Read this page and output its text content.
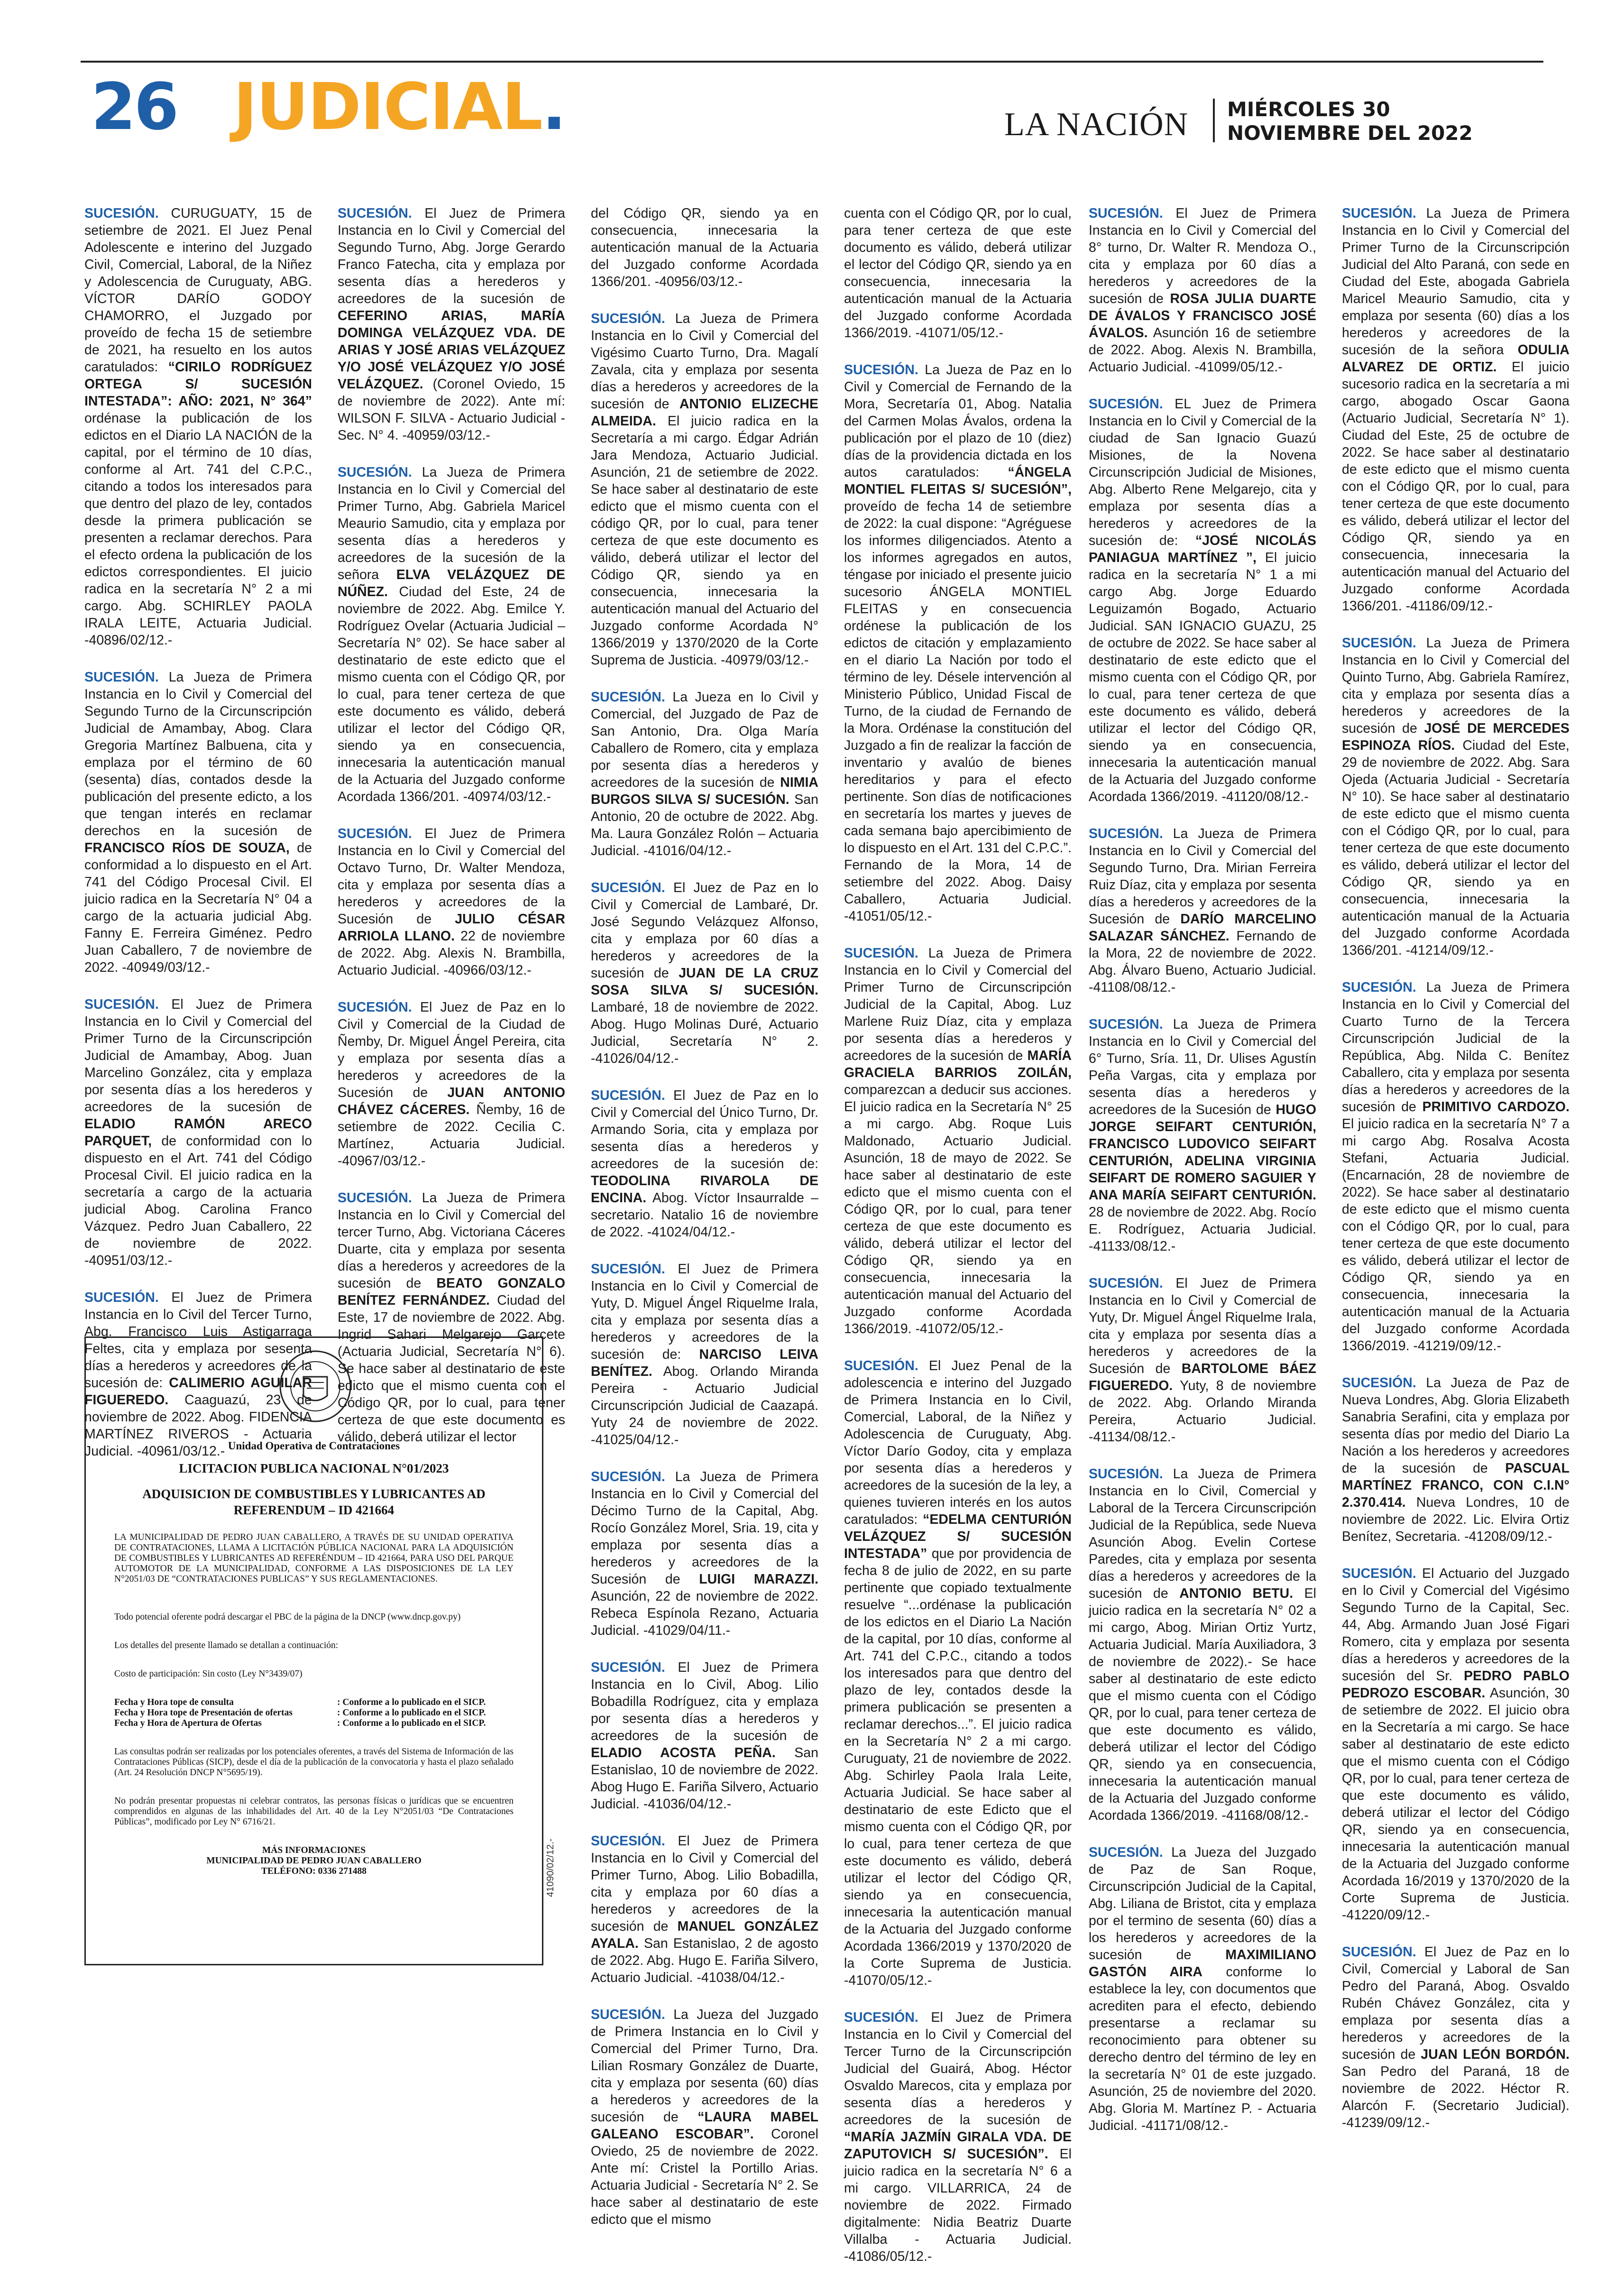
26 JUDICIAL.	LA NACIÓN MIÉRCOLES 30
NOVIEMBRE DEL 2022

SUCESIÓN. CURUGUATY, 15 de setiembre de 2021. El Juez Penal Adolescente e interino del Juzgado Civil, Comercial, Laboral, de la Niñez y Adolescencia de Curuguaty, ABG. VÍCTOR DARÍO GODOY CHAMORRO, el Juzgado por proveído de fecha 15 de setiembre de 2021, ha resuelto en los autos caratulados: “CIRILO RODRÍGUEZ ORTEGA S/ SUCESIÓN INTESTADA”: AÑO: 2021, N° 364” ordénase la publicación de los edictos en el Diario LA NACIÓN de la capital, por el término de 10 días, conforme al Art. 741 del C.P.C., citando a todos los interesados para que dentro del plazo de ley, contados desde la primera publicación se presenten a reclamar derechos. Para el efecto ordena la publicación de los edictos correspondientes. El juicio radica en la secretaría N° 2 a mi cargo. Abg. SCHIRLEY PAOLA IRALA LEITE, Actuaria Judicial. -40896/02/12.-

SUCESIÓN. La Jueza de Primera Instancia en lo Civil y Comercial del Segundo Turno de la Circunscripción Judicial de Amambay, Abog. Clara Gregoria Martínez Balbuena, cita y emplaza por el término de 60 (sesenta) días, contados desde la publicación del presente edicto, a los que tengan interés en reclamar derechos en la sucesión de FRANCISCO RÍOS DE SOUZA, de conformidad a lo dispuesto en el Art. 741 del Código Procesal Civil. El juicio radica en la Secretaría N° 04 a cargo de la actuaria judicial Abg. Fanny E. Ferreira Giménez. Pedro Juan Caballero, 7 de noviembre de 2022. -40949/03/12.-

SUCESIÓN. El Juez de Primera Instancia en lo Civil y Comercial del Primer Turno de la Circunscripción Judicial de Amambay, Abog. Juan Marcelino González, cita y emplaza por sesenta días a los herederos y acreedores de la sucesión de ELADIO RAMÓN ARECO PARQUET, de conformidad con lo dispuesto en el Art. 741 del Código Procesal Civil. El juicio radica en la secretaría a cargo de la actuaria judicial Abog. Carolina Franco Vázquez. Pedro Juan Caballero, 22 de noviembre de 2022. -40951/03/12.-

SUCESIÓN. El Juez de Primera Instancia en lo Civil del Tercer Turno, Abg. Francisco Luis Astigarraga Feltes, cita y emplaza por sesenta días a herederos y acreedores de la sucesión de: CALIMERIO AGUILAR FIGUEREDO. Caaguazú, 23 de noviembre de 2022. Abog. FIDENCIA MARTÍNEZ RIVEROS - Actuaria Judicial. -40961/03/12.-

SUCESIÓN. El Juez de Primera Instancia en lo Civil y Comercial del Segundo Turno, Abg. Jorge Gerardo Franco Fatecha, cita y emplaza por sesenta días a herederos y acreedores de la sucesión de CEFERINO ARIAS, MARÍA DOMINGA VELÁZQUEZ VDA. DE ARIAS Y JOSÉ ARIAS VELÁZQUEZ Y/O JOSÉ VELÁZQUEZ Y/O JOSÉ VELÁZQUEZ. (Coronel Oviedo, 15 de noviembre de 2022). Ante mí: WILSON F. SILVA - Actuario Judicial - Sec. N° 4. -40959/03/12.-

SUCESIÓN. La Jueza de Primera Instancia en lo Civil y Comercial del Primer Turno, Abg. Gabriela Maricel Meaurio Samudio, cita y emplaza por sesenta días a herederos y acreedores de la sucesión de la señora ELVA VELÁZQUEZ DE NÚÑEZ. Ciudad del Este, 24 de noviembre de 2022. Abg. Emilce Y. Rodríguez Ovelar (Actuaria Judicial – Secretaría N° 02). Se hace saber al destinatario de este edicto que el mismo cuenta con el Código QR, por lo cual, para tener certeza de que este documento es válido, deberá utilizar el lector del Código QR, siendo ya en consecuencia, innecesaria la autenticación manual de la Actuaria del Juzgado conforme Acordada 1366/201. -40974/03/12.-

SUCESIÓN. El Juez de Primera Instancia en lo Civil y Comercial del Octavo Turno, Dr. Walter Mendoza, cita y emplaza por sesenta días a herederos y acreedores de la Sucesión de JULIO CÉSAR ARRIOLA LLANO. 22 de noviembre de 2022. Abg. Alexis N. Brambilla, Actuario Judicial. -40966/03/12.-

SUCESIÓN. El Juez de Paz en lo Civil y Comercial de la Ciudad de Ñemby, Dr. Miguel Ángel Pereira, cita y emplaza por sesenta días a herederos y acreedores de la Sucesión de JUAN ANTONIO CHÁVEZ CÁCERES. Ñemby, 16 de setiembre de 2022. Cecilia C. Martínez, Actuaria Judicial. -40967/03/12.-

SUCESIÓN. La Jueza de Primera Instancia en lo Civil y Comercial del tercer Turno, Abg. Victoriana Cáceres Duarte, cita y emplaza por sesenta días a herederos y acreedores de la sucesión de BEATO GONZALO BENÍTEZ FERNÁNDEZ. Ciudad del Este, 17 de noviembre de 2022. Abg. Ingrid Sahari Melgarejo Garcete (Actuaria Judicial, Secretaría N° 6). Se hace saber al destinatario de este edicto que el mismo cuenta con el Código QR, por lo cual, para tener certeza de que este documento es válido, deberá utilizar el lector

del Código QR, siendo ya en consecuencia, innecesaria la autenticación manual de la Actuaria del Juzgado conforme Acordada 1366/201. -40956/03/12.-

SUCESIÓN. La Jueza de Primera Instancia en lo Civil y Comercial del Vigésimo Cuarto Turno, Dra. Magalí Zavala, cita y emplaza por sesenta días a herederos y acreedores de la sucesión de ANTONIO ELIZECHE ALMEIDA. El juicio radica en la Secretaría a mi cargo. Édgar Adrián Jara Mendoza, Actuario Judicial. Asunción, 21 de setiembre de 2022. Se hace saber al destinatario de este edicto que el mismo cuenta con el código QR, por lo cual, para tener certeza de que este documento es válido, deberá utilizar el lector del Código QR, siendo ya en consecuencia, innecesaria la autenticación manual del Actuario del Juzgado conforme Acordada N° 1366/2019 y 1370/2020 de la Corte Suprema de Justicia. -40979/03/12.-

SUCESIÓN. La Jueza en lo Civil y Comercial, del Juzgado de Paz de San Antonio, Dra. Olga María Caballero de Romero, cita y emplaza por sesenta días a herederos y acreedores de la sucesión de NIMIA BURGOS SILVA S/ SUCESIÓN. San Antonio, 20 de octubre de 2022. Abg. Ma. Laura González Rolón – Actuaria Judicial. -41016/04/12.-

SUCESIÓN. El Juez de Paz en lo Civil y Comercial de Lambaré, Dr. José Segundo Velázquez Alfonso, cita y emplaza por 60 días a herederos y acreedores de la sucesión de JUAN DE LA CRUZ SOSA SILVA S/ SUCESIÓN. Lambaré, 18 de noviembre de 2022. Abog. Hugo Molinas Duré, Actuario Judicial, Secretaría N° 2. -41026/04/12.-

SUCESIÓN. El Juez de Paz en lo Civil y Comercial del Único Turno, Dr. Armando Soria, cita y emplaza por sesenta días a herederos y acreedores de la sucesión de: TEODOLINA RIVAROLA DE ENCINA. Abog. Víctor Insaurralde – secretario. Natalio 16 de noviembre de 2022. -41024/04/12.-

SUCESIÓN. El Juez de Primera Instancia en lo Civil y Comercial de Yuty, D. Miguel Ángel Riquelme Irala, cita y emplaza por sesenta días a herederos y acreedores de la sucesión de: NARCISO LEIVA BENÍTEZ. Abog. Orlando Miranda Pereira - Actuario Judicial Circunscripción Judicial de Caazapá. Yuty 24 de noviembre de 2022. -41025/04/12.-

SUCESIÓN. La Jueza de Primera Instancia en lo Civil y Comercial del Décimo Turno de la Capital, Abg. Rocío González Morel, Sria. 19, cita y emplaza por sesenta días a herederos y acreedores de la Sucesión de LUIGI MARAZZI. Asunción, 22 de noviembre de 2022. Rebeca Espínola Rezano, Actuaria Judicial. -41029/04/11.-

SUCESIÓN. El Juez de Primera Instancia en lo Civil, Abog. Lilio Bobadilla Rodríguez, cita y emplaza por sesenta días a herederos y acreedores de la sucesión de ELADIO ACOSTA PEÑA. San Estanislao, 10 de noviembre de 2022. Abog Hugo E. Fariña Silvero, Actuario Judicial. -41036/04/12.-

SUCESIÓN. El Juez de Primera Instancia en lo Civil y Comercial del Primer Turno, Abog. Lilio Bobadilla, cita y emplaza por 60 días a herederos y acreedores de la sucesión de MANUEL GONZÁLEZ AYALA. San Estanislao, 2 de agosto de 2022. Abg. Hugo E. Fariña Silvero, Actuario Judicial. -41038/04/12.-

SUCESIÓN. La Jueza del Juzgado de Primera Instancia en lo Civil y Comercial del Primer Turno, Dra. Lilian Rosmary González de Duarte, cita y emplaza por sesenta (60) días a herederos y acreedores de la sucesión de “LAURA MABEL GALEANO ESCOBAR”. Coronel Oviedo, 25 de noviembre de 2022. Ante mí: Cristel la Portillo Arias. Actuaria Judicial - Secretaría N° 2. Se hace saber al destinatario de este edicto que el mismo

cuenta con el Código QR, por lo cual, para tener certeza de que este documento es válido, deberá utilizar el lector del Código QR, siendo ya en consecuencia, innecesaria la autenticación manual de la Actuaria del Juzgado conforme Acordada 1366/2019. -41071/05/12.-

SUCESIÓN. La Jueza de Paz en lo Civil y Comercial de Fernando de la Mora, Secretaría 01, Abog. Natalia del Carmen Molas Ávalos, ordena la publicación por el plazo de 10 (diez) días de la providencia dictada en los autos caratulados: “ÁNGELA MONTIEL FLEITAS S/ SUCESIÓN”, proveído de fecha 14 de setiembre de 2022: la cual dispone: “Agréguese los informes diligenciados. Atento a los informes agregados en autos, téngase por iniciado el presente juicio sucesorio ÁNGELA MONTIEL FLEITAS y en consecuencia ordénese la publicación de los edictos de citación y emplazamiento en el diario La Nación por todo el término de ley. Désele intervención al Ministerio Público, Unidad Fiscal de Turno, de la ciudad de Fernando de la Mora. Ordénase la constitución del Juzgado a fin de realizar la facción de inventario y avalúo de bienes hereditarios y para el efecto pertinente. Son días de notificaciones en secretaría los martes y jueves de cada semana bajo apercibimiento de lo dispuesto en el Art. 131 del C.P.C.”. Fernando de la Mora, 14 de setiembre del 2022. Abog. Daisy Caballero, Actuaria Judicial. -41051/05/12.-

SUCESIÓN. La Jueza de Primera Instancia en lo Civil y Comercial del Primer Turno de Circunscripción Judicial de la Capital, Abog. Luz Marlene Ruiz Díaz, cita y emplaza por sesenta días a herederos y acreedores de la sucesión de MARÍA GRACIELA BARRIOS ZOILÁN, comparezcan a deducir sus acciones. El juicio radica en la Secretaría N° 25 a mi cargo. Abg. Roque Luis Maldonado, Actuario Judicial. Asunción, 18 de mayo de 2022. Se hace saber al destinatario de este edicto que el mismo cuenta con el Código QR, por lo cual, para tener certeza de que este documento es válido, deberá utilizar el lector del Código QR, siendo ya en consecuencia, innecesaria la autenticación manual del Actuario del Juzgado conforme Acordada 1366/2019. -41072/05/12.-

SUCESIÓN. El Juez Penal de la adolescencia e interino del Juzgado de Primera Instancia en lo Civil, Comercial, Laboral, de la Niñez y Adolescencia de Curuguaty, Abg. Víctor Darío Godoy, cita y emplaza por sesenta días a herederos y acreedores de la sucesión de la ley, a quienes tuvieren interés en los autos caratulados: “EDELMA CENTURIÓN VELÁZQUEZ S/ SUCESIÓN INTESTADA” que por providencia de fecha 8 de julio de 2022, en su parte pertinente que copiado textualmente resuelve “...ordénase la publicación de los edictos en el Diario La Nación de la capital, por 10 días, conforme al Art. 741 del C.P.C., citando a todos los interesados para que dentro del plazo de ley, contados desde la primera publicación se presenten a reclamar derechos...”. El juicio radica en la Secretaría N° 2 a mi cargo. Curuguaty, 21 de noviembre de 2022. Abg. Schirley Paola Irala Leite, Actuaria Judicial. Se hace saber al destinatario de este Edicto que el mismo cuenta con el Código QR, por lo cual, para tener certeza de que este documento es válido, deberá utilizar el lector del Código QR, siendo ya en consecuencia, innecesaria la autenticación manual de la Actuaria del Juzgado conforme Acordada 1366/2019 y 1370/2020 de la Corte Suprema de Justicia. -41070/05/12.-

SUCESIÓN. El Juez de Primera Instancia en lo Civil y Comercial del Tercer Turno de la Circunscripción Judicial del Guairá, Abog. Héctor Osvaldo Marecos, cita y emplaza por sesenta días a herederos y acreedores de la sucesión de “MARÍA JAZMÍN GIRALA VDA. DE ZAPUTOVICH S/ SUCESIÓN”. El juicio radica en la secretaría N° 6 a mi cargo. VILLARRICA, 24 de noviembre de 2022. Firmado digitalmente: Nidia Beatriz Duarte Villalba - Actuaria Judicial. -41086/05/12.-

SUCESIÓN. El Juez de Primera Instancia en lo Civil y Comercial del 8° turno, Dr. Walter R. Mendoza O., cita y emplaza por 60 días a herederos y acreedores de la sucesión de ROSA JULIA DUARTE DE ÁVALOS Y FRANCISCO JOSÉ ÁVALOS. Asunción 16 de setiembre de 2022. Abog. Alexis N. Brambilla, Actuario Judicial. -41099/05/12.-

SUCESIÓN. EL Juez de Primera Instancia en lo Civil y Comercial de la ciudad de San Ignacio Guazú Misiones, de la Novena Circunscripción Judicial de Misiones, Abg. Alberto Rene Melgarejo, cita y emplaza por sesenta días a herederos y acreedores de la sucesión de: “JOSÉ NICOLÁS PANIAGUA MARTÍNEZ ”, El juicio radica en la secretaría N° 1 a mi cargo Abg. Jorge Eduardo Leguizamón Bogado, Actuario Judicial. SAN IGNACIO GUAZU, 25 de octubre de 2022. Se hace saber al destinatario de este edicto que el mismo cuenta con el Código QR, por lo cual, para tener certeza de que este documento es válido, deberá utilizar el lector del Código QR, siendo ya en consecuencia, innecesaria la autenticación manual de la Actuaria del Juzgado conforme Acordada 1366/2019. -41120/08/12.-

SUCESIÓN. La Jueza de Primera Instancia en lo Civil y Comercial del Segundo Turno, Dra. Mirian Ferreira Ruiz Díaz, cita y emplaza por sesenta días a herederos y acreedores de la Sucesión de DARÍO MARCELINO SALAZAR SÁNCHEZ. Fernando de la Mora, 22 de noviembre de 2022. Abg. Álvaro Bueno, Actuario Judicial. -41108/08/12.-

SUCESIÓN. La Jueza de Primera Instancia en lo Civil y Comercial del 6° Turno, Sría. 11, Dr. Ulises Agustín Peña Vargas, cita y emplaza por sesenta días a herederos y acreedores de la Sucesión de HUGO JORGE SEIFART CENTURIÓN, FRANCISCO LUDOVICO SEIFART CENTURIÓN, ADELINA VIRGINIA SEIFART DE ROMERO SAGUIER Y ANA MARÍA SEIFART CENTURIÓN. 28 de noviembre de 2022. Abg. Rocío E. Rodríguez, Actuaria Judicial. -41133/08/12.-

SUCESIÓN. El Juez de Primera Instancia en lo Civil y Comercial de Yuty, Dr. Miguel Ángel Riquelme Irala, cita y emplaza por sesenta días a herederos y acreedores de la Sucesión de BARTOLOME BÁEZ FIGUEREDO. Yuty, 8 de noviembre de 2022. Abg. Orlando Miranda Pereira, Actuario Judicial. -41134/08/12.-

SUCESIÓN. La Jueza de Primera Instancia en lo Civil, Comercial y Laboral de la Tercera Circunscripción Judicial de la República, sede Nueva Asunción Abog. Evelin Cortese Paredes, cita y emplaza por sesenta días a herederos y acreedores de la sucesión de ANTONIO BETU. El juicio radica en la secretaría N° 02 a mi cargo, Abog. Mirian Ortiz Yurtz, Actuaria Judicial. María Auxiliadora, 3 de noviembre de 2022).- Se hace saber al destinatario de este edicto que el mismo cuenta con el Código QR, por lo cual, para tener certeza de que este documento es válido, deberá utilizar el lector del Código QR, siendo ya en consecuencia, innecesaria la autenticación manual de la Actuaria del Juzgado conforme Acordada 1366/2019. -41168/08/12.-

SUCESIÓN. La Jueza del Juzgado de Paz de San Roque, Circunscripción Judicial de la Capital, Abg. Liliana de Bristot, cita y emplaza por el termino de sesenta (60) días a los herederos y acreedores de la sucesión de MAXIMILIANO GASTÓN AIRA conforme lo establece la ley, con documentos que acrediten para el efecto, debiendo presentarse a reclamar su reconocimiento para obtener su derecho dentro del término de ley en la secretaría N° 01 de este juzgado. Asunción, 25 de noviembre del 2020. Abg. Gloria M. Martínez P. - Actuaria Judicial. -41171/08/12.-

SUCESIÓN. La Jueza de Primera Instancia en lo Civil y Comercial del Primer Turno de la Circunscripción Judicial del Alto Paraná, con sede en Ciudad del Este, abogada Gabriela Maricel Meaurio Samudio, cita y emplaza por sesenta (60) días a los herederos y acreedores de la sucesión de la señora ODULIA ALVAREZ DE ORTIZ. El juicio sucesorio radica en la secretaría a mi cargo, abogado Oscar Gaona (Actuario Judicial, Secretaría N° 1). Ciudad del Este, 25 de octubre de 2022. Se hace saber al destinatario de este edicto que el mismo cuenta con el Código QR, por lo cual, para tener certeza de que este documento es válido, deberá utilizar el lector del Código QR, siendo ya en consecuencia, innecesaria la autenticación manual del Actuario del Juzgado conforme Acordada 1366/201. -41186/09/12.-

SUCESIÓN. La Jueza de Primera Instancia en lo Civil y Comercial del Quinto Turno, Abg. Gabriela Ramírez, cita y emplaza por sesenta días a herederos y acreedores de la sucesión de JOSÉ DE MERCEDES ESPINOZA RÍOS. Ciudad del Este, 29 de noviembre de 2022. Abg. Sara Ojeda (Actuaria Judicial - Secretaría N° 10). Se hace saber al destinatario de este edicto que el mismo cuenta con el Código QR, por lo cual, para tener certeza de que este documento es válido, deberá utilizar el lector del Código QR, siendo ya en consecuencia, innecesaria la autenticación manual de la Actuaria del Juzgado conforme Acordada 1366/201. -41214/09/12.-

SUCESIÓN. La Jueza de Primera Instancia en lo Civil y Comercial del Cuarto Turno de la Tercera Circunscripción Judicial de la República, Abg. Nilda C. Benítez Caballero, cita y emplaza por sesenta días a herederos y acreedores de la sucesión de PRIMITIVO CARDOZO. El juicio radica en la secretaría N° 7 a mi cargo Abg. Rosalva Acosta Stefani, Actuaria Judicial. (Encarnación, 28 de noviembre de 2022). Se hace saber al destinatario de este edicto que el mismo cuenta con el Código QR, por lo cual, para tener certeza de que este documento es válido, deberá utilizar el lector de Código QR, siendo ya en consecuencia, innecesaria la autenticación manual de la Actuaria del Juzgado conforme Acordada 1366/2019. -41219/09/12.-

SUCESIÓN. La Jueza de Paz de Nueva Londres, Abg. Gloria Elizabeth Sanabria Serafini, cita y emplaza por sesenta días por medio del Diario La Nación a los herederos y acreedores de la sucesión de PASCUAL MARTÍNEZ FRANCO, CON C.I.N° 2.370.414. Nueva Londres, 10 de noviembre de 2022. Lic. Elvira Ortiz Benítez, Secretaria. -41208/09/12.-

SUCESIÓN. El Actuario del Juzgado en lo Civil y Comercial del Vigésimo Segundo Turno de la Capital, Sec. 44, Abg. Armando Juan José Figari Romero, cita y emplaza por sesenta días a herederos y acreedores de la sucesión del Sr. PEDRO PABLO PEDROZO ESCOBAR. Asunción, 30 de setiembre de 2022. El juicio obra en la Secretaría a mi cargo. Se hace saber al destinatario de este edicto que el mismo cuenta con el Código QR, por lo cual, para tener certeza de que este documento es válido, deberá utilizar el lector del Código QR, siendo ya en consecuencia, innecesaria la autenticación manual de la Actuaria del Juzgado conforme Acordada 16/2019 y 1370/2020 de la Corte Suprema de Justicia. -41220/09/12.-

SUCESIÓN. El Juez de Paz en lo Civil, Comercial y Laboral de San Pedro del Paraná, Abog. Osvaldo Rubén Chávez González, cita y emplaza por sesenta días a herederos y acreedores de la sucesión de JUAN LEÓN BORDÓN. San Pedro del Paraná, 18 de noviembre de 2022. Héctor R. Alarcón F. (Secretario Judicial). -41239/09/12.-

Unidad Operativa de Contrataciones
LICITACION PUBLICA NACIONAL N°01/2023
ADQUISICION DE COMBUSTIBLES Y LUBRICANTES AD REFERENDUM – ID 421664
LA MUNICIPALIDAD DE PEDRO JUAN CABALLERO, A TRAVÉS DE SU UNIDAD OPERATIVA DE CONTRATACIONES, LLAMA A LICITACIÓN PÚBLICA NACIONAL PARA LA ADQUISICIÓN DE COMBUSTIBLES Y LUBRICANTES AD REFERÉNDUM – ID 421664, PARA USO DEL PARQUE AUTOMOTOR DE LA MUNICIPALIDAD, CONFORME A LAS DISPOSICIONES DE LA LEY N°2051/03 DE “CONTRATACIONES PUBLICAS” Y SUS REGLAMENTACIONES.
Todo potencial oferente podrá descargar el PBC de la página de la DNCP (www.dncp.gov.py)
Los detalles del presente llamado se detallan a continuación:
Costo de participación: Sin costo (Ley N°3439/07)
Fecha y Hora tope de consulta	: Conforme a lo publicado en el SICP.
Fecha y Hora tope de Presentación de ofertas	: Conforme a lo publicado en el SICP.
Fecha y Hora de Apertura de Ofertas	: Conforme a lo publicado en el SICP.
Las consultas podrán ser realizadas por los potenciales oferentes, a través del Sistema de Información de las Contrataciones Públicas (SICP), desde el día de la publicación de la convocatoria y hasta el plazo señalado (Art. 24 Resolución DNCP N°5695/19).
No podrán presentar propuestas ni celebrar contratos, las personas físicas o jurídicas que se encuentren comprendidos en algunas de las inhabilidades del Art. 40 de la Ley N°2051/03 “De Contrataciones Públicas”, modificado por Ley N° 6716/21.
MÁS INFORMACIONES
MUNICIPALIDAD DE PEDRO JUAN CABALLERO
TELÉFONO: 0336 271488	41090/02/12.-
